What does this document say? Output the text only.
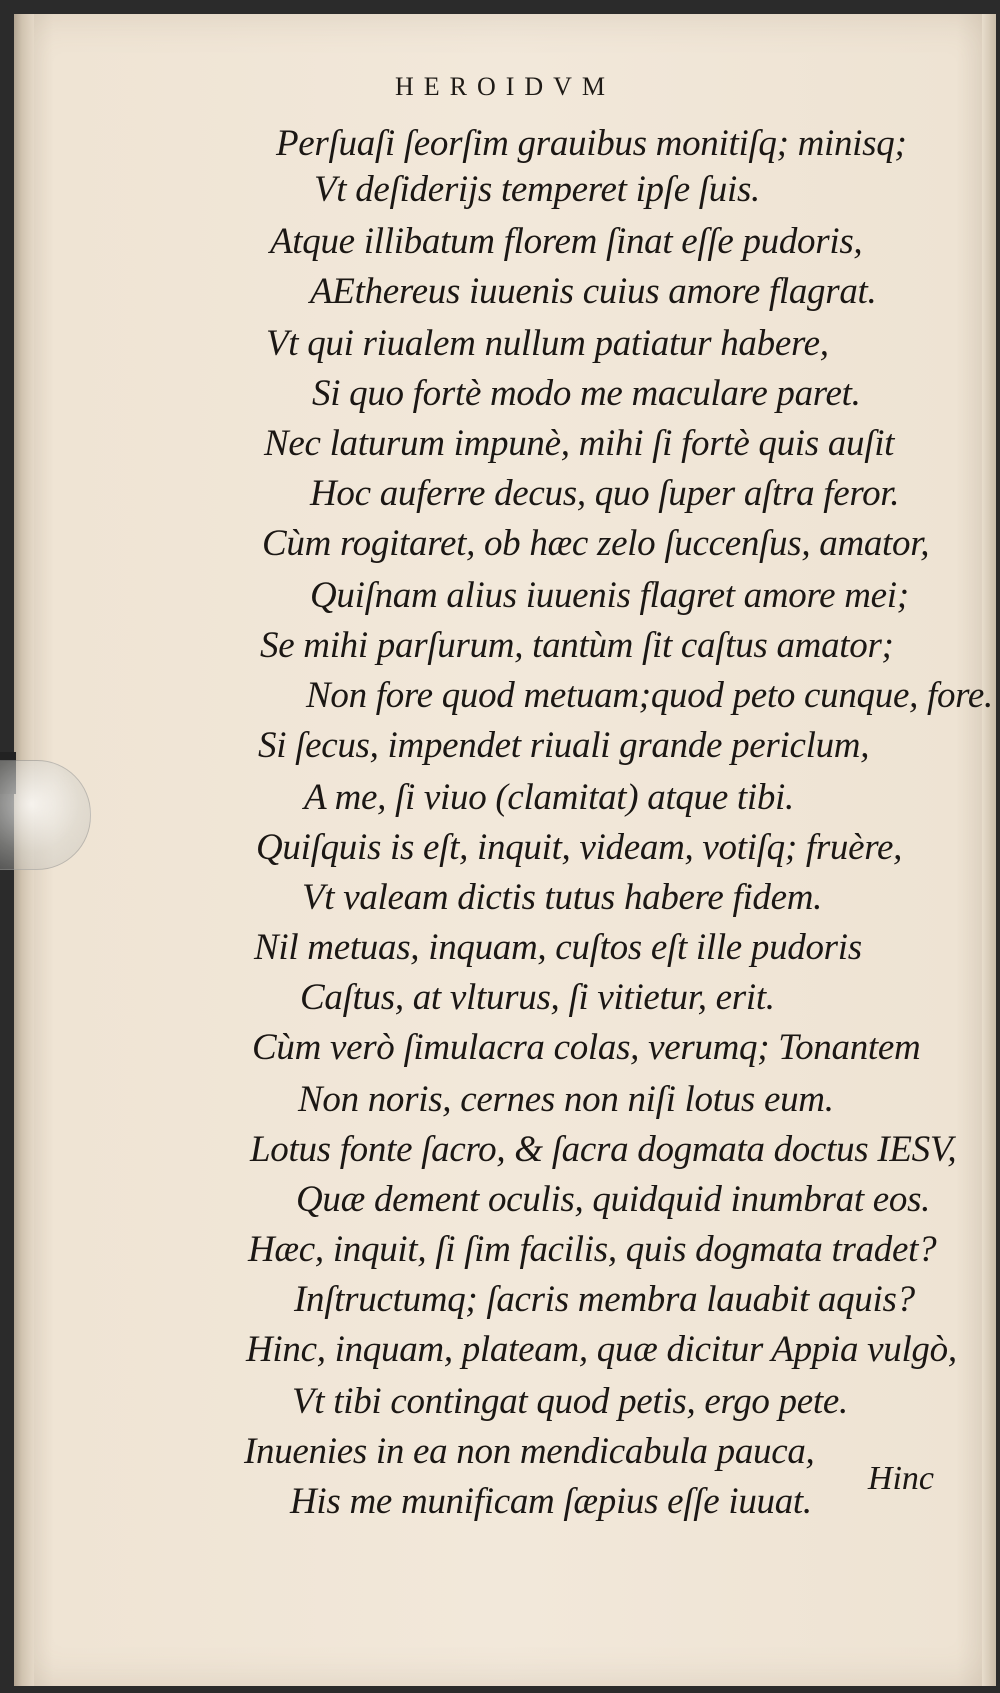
HEROIDVM
Perſuaſi ſeorſim grauibus monitiſq; minisq;
Vt deſiderijs temperet ipſe ſuis.
Atque illibatum florem ſinat eſſe pudoris,
AEthereus iuuenis cuius amore flagrat.
Vt qui riualem nullum patiatur habere,
Si quo fortè modo me maculare paret.
Nec laturum impunè, mihi ſi fortè quis auſit
Hoc auferre decus, quo ſuper aſtra feror.
Cùm rogitaret, ob hæc zelo ſuccenſus, amator,
Quiſnam alius iuuenis flagret amore mei;
Se mihi parſurum, tantùm ſit caſtus amator;
Non fore quod metuam;quod peto cunque, fore.
Si ſecus, impendet riuali grande periclum,
A me, ſi viuo (clamitat) atque tibi.
Quiſquis is eſt, inquit, videam, votiſq; fruère,
Vt valeam dictis tutus habere fidem.
Nil metuas, inquam, cuſtos eſt ille pudoris
Caſtus, at vlturus, ſi vitietur, erit.
Cùm verò ſimulacra colas, verumq; Tonantem
Non noris, cernes non niſi lotus eum.
Lotus fonte ſacro, & ſacra dogmata doctus IESV,
Quæ dement oculis, quidquid inumbrat eos.
Hæc, inquit, ſi ſim facilis, quis dogmata tradet?
Inſtructumq; ſacris membra lauabit aquis?
Hinc, inquam, plateam, quæ dicitur Appia vulgò,
Vt tibi contingat quod petis, ergo pete.
Inuenies in ea non mendicabula pauca,
His me munificam ſæpius eſſe iuuat.
Hinc
